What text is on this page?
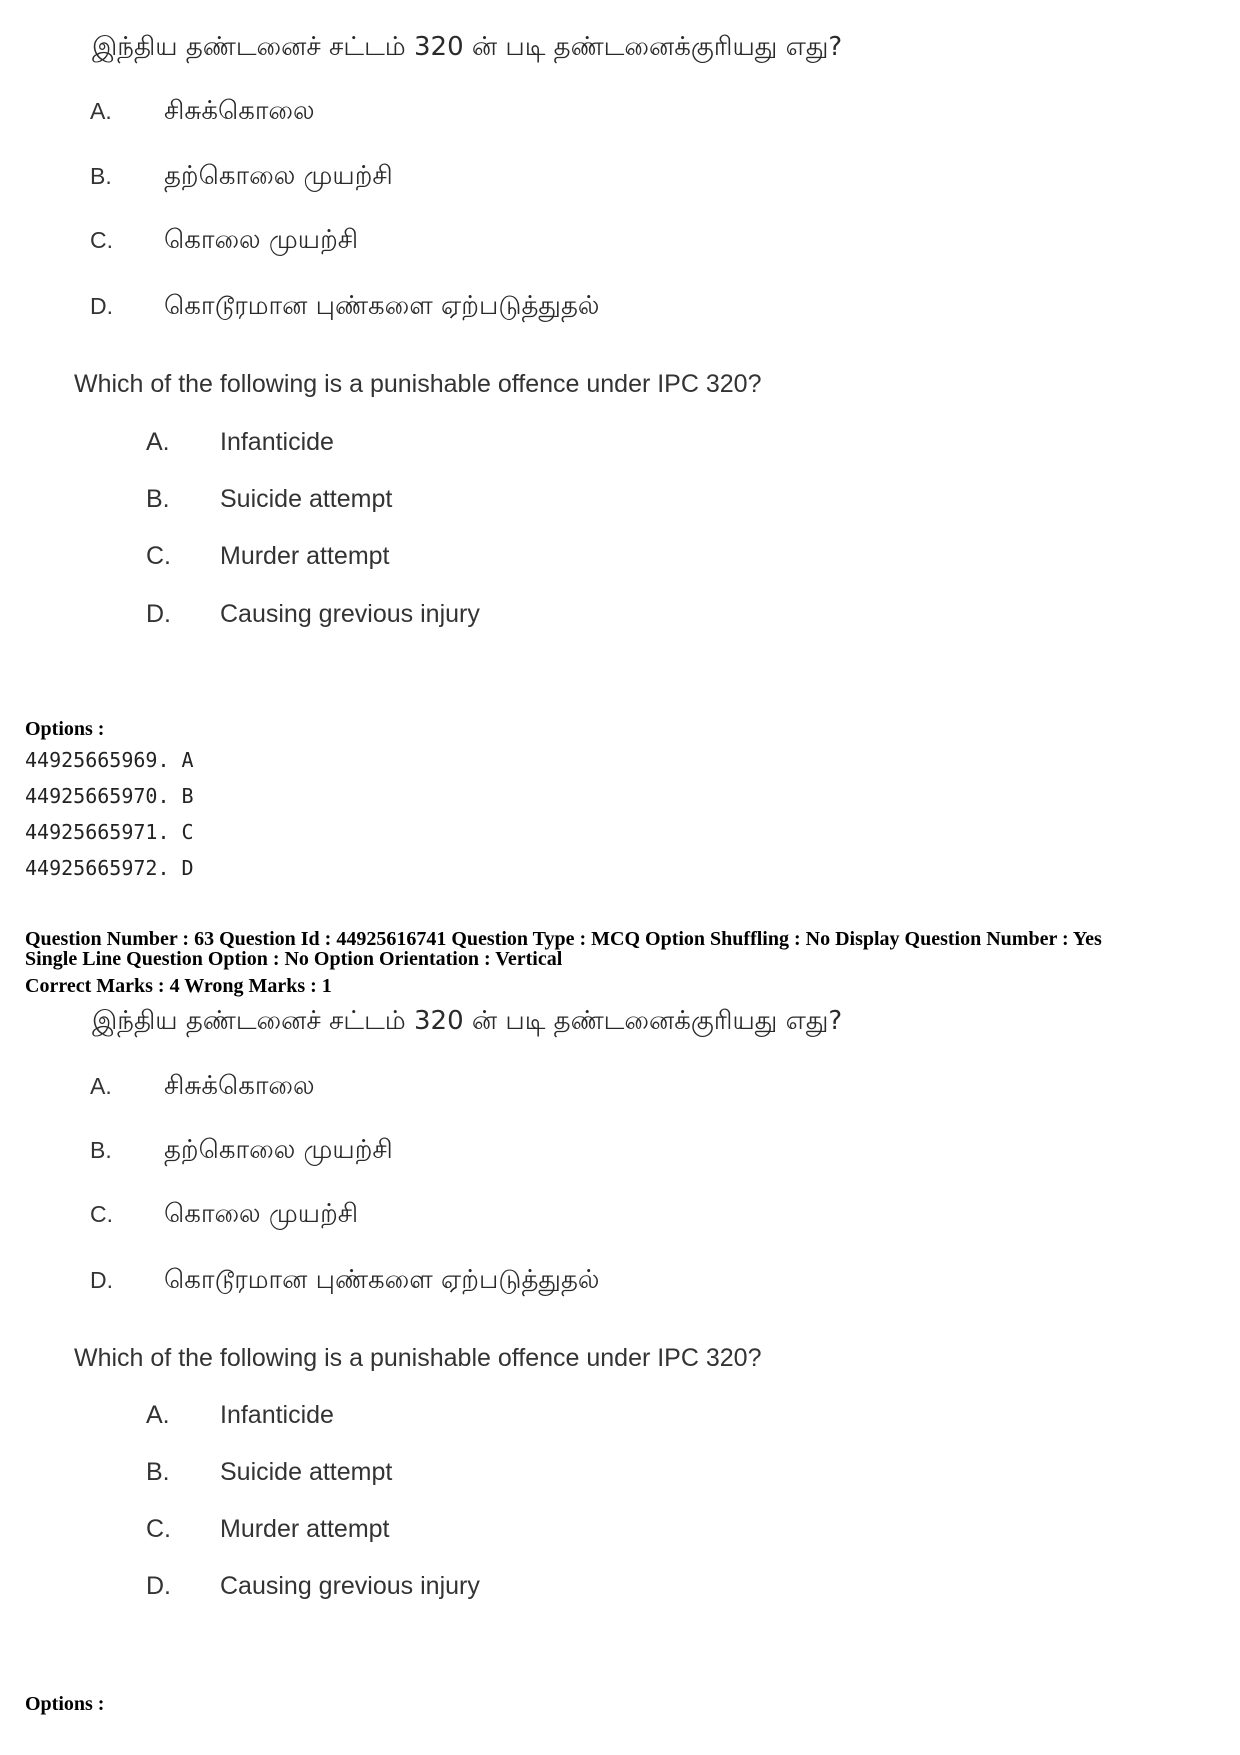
இந்திய தண்டனைச் சட்டம் 320 ன் படி தண்டனைக்குரியது எது?
A. சிசுக்கொலை
B. தற்கொலை முயற்சி
C. கொலை முயற்சி
D. கொடூரமான புண்களை ஏற்படுத்துதல்
Which of the following is a punishable offence under IPC 320?
A. Infanticide
B. Suicide attempt
C. Murder attempt
D. Causing grevious injury
Options :
44925665969. A
44925665970. B
44925665971. C
44925665972. D
Question Number : 63 Question Id : 44925616741 Question Type : MCQ Option Shuffling : No Display Question Number : Yes
Single Line Question Option : No Option Orientation : Vertical
Correct Marks : 4 Wrong Marks : 1
இந்திய தண்டனைச் சட்டம் 320 ன் படி தண்டனைக்குரியது எது?
A. சிசுக்கொலை
B. தற்கொலை முயற்சி
C. கொலை முயற்சி
D. கொடூரமான புண்களை ஏற்படுத்துதல்
Which of the following is a punishable offence under IPC 320?
A. Infanticide
B. Suicide attempt
C. Murder attempt
D. Causing grevious injury
Options :
